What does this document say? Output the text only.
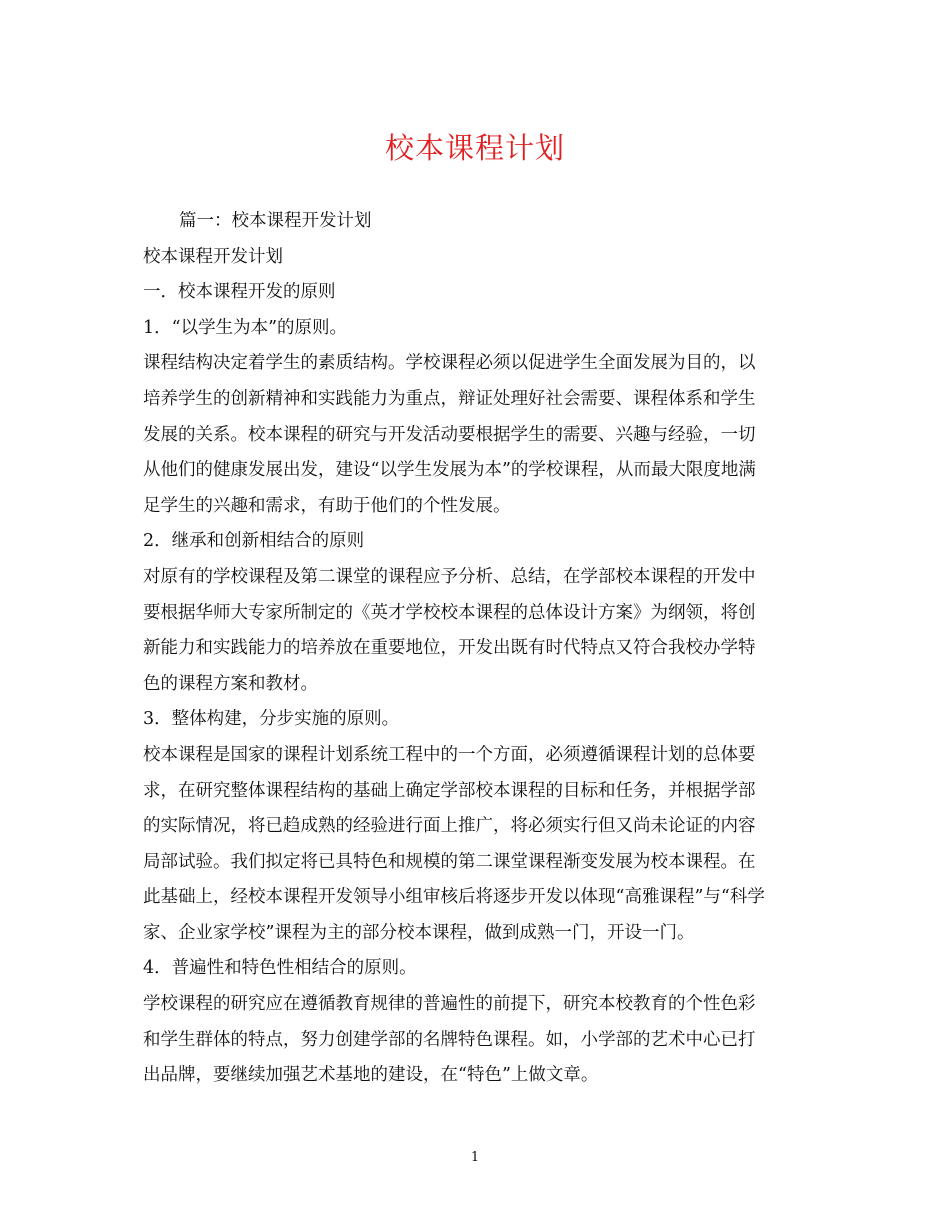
校本课程计划

篇一：校本课程开发计划

校本课程开发计划

一．校本课程开发的原则

1．“以学生为本”的原则。

课程结构决定着学生的素质结构。学校课程必须以促进学生全面发展为目的，以

培养学生的创新精神和实践能力为重点，辩证处理好社会需要、课程体系和学生

发展的关系。校本课程的研究与开发活动要根据学生的需要、兴趣与经验，一切

从他们的健康发展出发，建设“以学生发展为本”的学校课程，从而最大限度地满

足学生的兴趣和需求，有助于他们的个性发展。

2．继承和创新相结合的原则

对原有的学校课程及第二课堂的课程应予分析、总结，在学部校本课程的开发中

要根据华师大专家所制定的《英才学校校本课程的总体设计方案》为纲领，将创

新能力和实践能力的培养放在重要地位，开发出既有时代特点又符合我校办学特

色的课程方案和教材。

3．整体构建，分步实施的原则。

校本课程是国家的课程计划系统工程中的一个方面，必须遵循课程计划的总体要

求，在研究整体课程结构的基础上确定学部校本课程的目标和任务，并根据学部

的实际情况，将已趋成熟的经验进行面上推广，将必须实行但又尚未论证的内容

局部试验。我们拟定将已具特色和规模的第二课堂课程渐变发展为校本课程。在

此基础上，经校本课程开发领导小组审核后将逐步开发以体现“高雅课程”与“科学

家、企业家学校”课程为主的部分校本课程，做到成熟一门，开设一门。

4．普遍性和特色性相结合的原则。

学校课程的研究应在遵循教育规律的普遍性的前提下，研究本校教育的个性色彩

和学生群体的特点，努力创建学部的名牌特色课程。如，小学部的艺术中心已打

出品牌，要继续加强艺术基地的建设，在“特色”上做文章。

1
